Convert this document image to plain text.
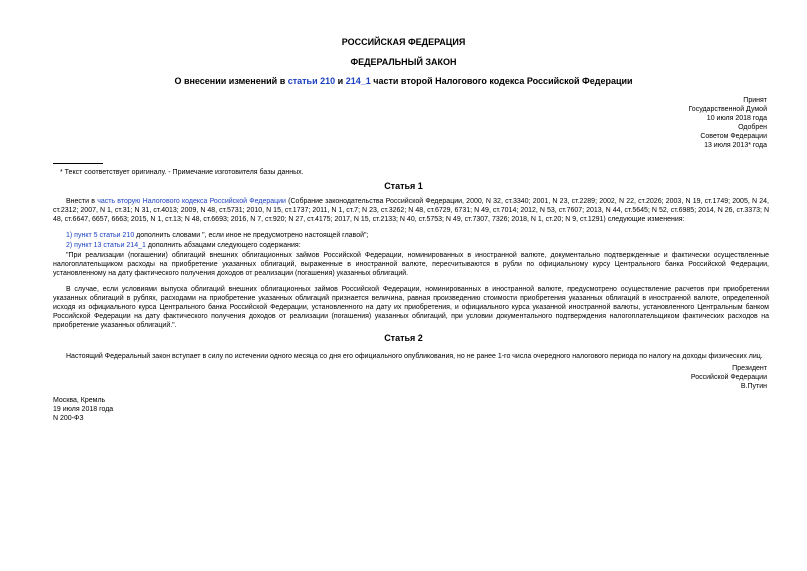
РОССИЙСКАЯ ФЕДЕРАЦИЯ
ФЕДЕРАЛЬНЫЙ ЗАКОН
О внесении изменений в статьи 210 и 214_1 части второй Налогового кодекса Российской Федерации
Принят
Государственной Думой
10 июля 2018 года
Одобрен
Советом Федерации
13 июля 2013* года
* Текст соответствует оригиналу. - Примечание изготовителя базы данных.
Статья 1
Внести в часть вторую Налогового кодекса Российской Федерации (Собрание законодательства Российской Федерации, 2000, N 32, ст.3340; 2001, N 23, ст.2289; 2002, N 22, ст.2026; 2003, N 19, ст.1749; 2005, N 24, ст.2312; 2007, N 1, ст.31; N 31, ст.4013; 2009, N 48, ст.5731; 2010, N 15, ст.1737; 2011, N 1, ст.7; N 23, ст.3262; N 48, ст.6729, 6731; N 49, ст.7014; 2012, N 53, ст.7607; 2013, N 44, ст.5645; N 52, ст.6985; 2014, N 26, ст.3373; N 48, ст.6647, 6657, 6663; 2015, N 1, ст.13; N 48, ст.6693; 2016, N 7, ст.920; N 27, ст.4175; 2017, N 15, ст.2133; N 40, ст.5753; N 49, ст.7307, 7326; 2018, N 1, ст.20; N 9, ст.1291) следующие изменения:
1) пункт 5 статьи 210 дополнить словами ", если иное не предусмотрено настоящей главой";
2) пункт 13 статьи 214_1 дополнить абзацами следующего содержания:
"При реализации (погашении) облигаций внешних облигационных займов Российской Федерации, номинированных в иностранной валюте, документально подтвержденные и фактически осуществленные налогоплательщиком расходы на приобретение указанных облигаций, выраженные в иностранной валюте, пересчитываются в рубли по официальному курсу Центрального банка Российской Федерации, установленному на дату фактического получения доходов от реализации (погашения) указанных облигаций.
В случае, если условиями выпуска облигаций внешних облигационных займов Российской Федерации, номинированных в иностранной валюте, предусмотрено осуществление расчетов при приобретении указанных облигаций в рублях, расходами на приобретение указанных облигаций признается величина, равная произведению стоимости приобретения указанных облигаций в иностранной валюте, определенной исходя из официального курса Центрального банка Российской Федерации, установленного на дату их приобретения, и официального курса указанной иностранной валюты, установленного Центральным банком Российской Федерации на дату фактического получения доходов от реализации (погашения) указанных облигаций, при условии документального подтверждения налогоплательщиком фактических расходов на приобретение указанных облигаций.".
Статья 2
Настоящий Федеральный закон вступает в силу по истечении одного месяца со дня его официального опубликования, но не ранее 1-го числа очередного налогового периода по налогу на доходы физических лиц.
Президент
Российской Федерации
В.Путин
Москва, Кремль
19 июля 2018 года
N 200-ФЗ
